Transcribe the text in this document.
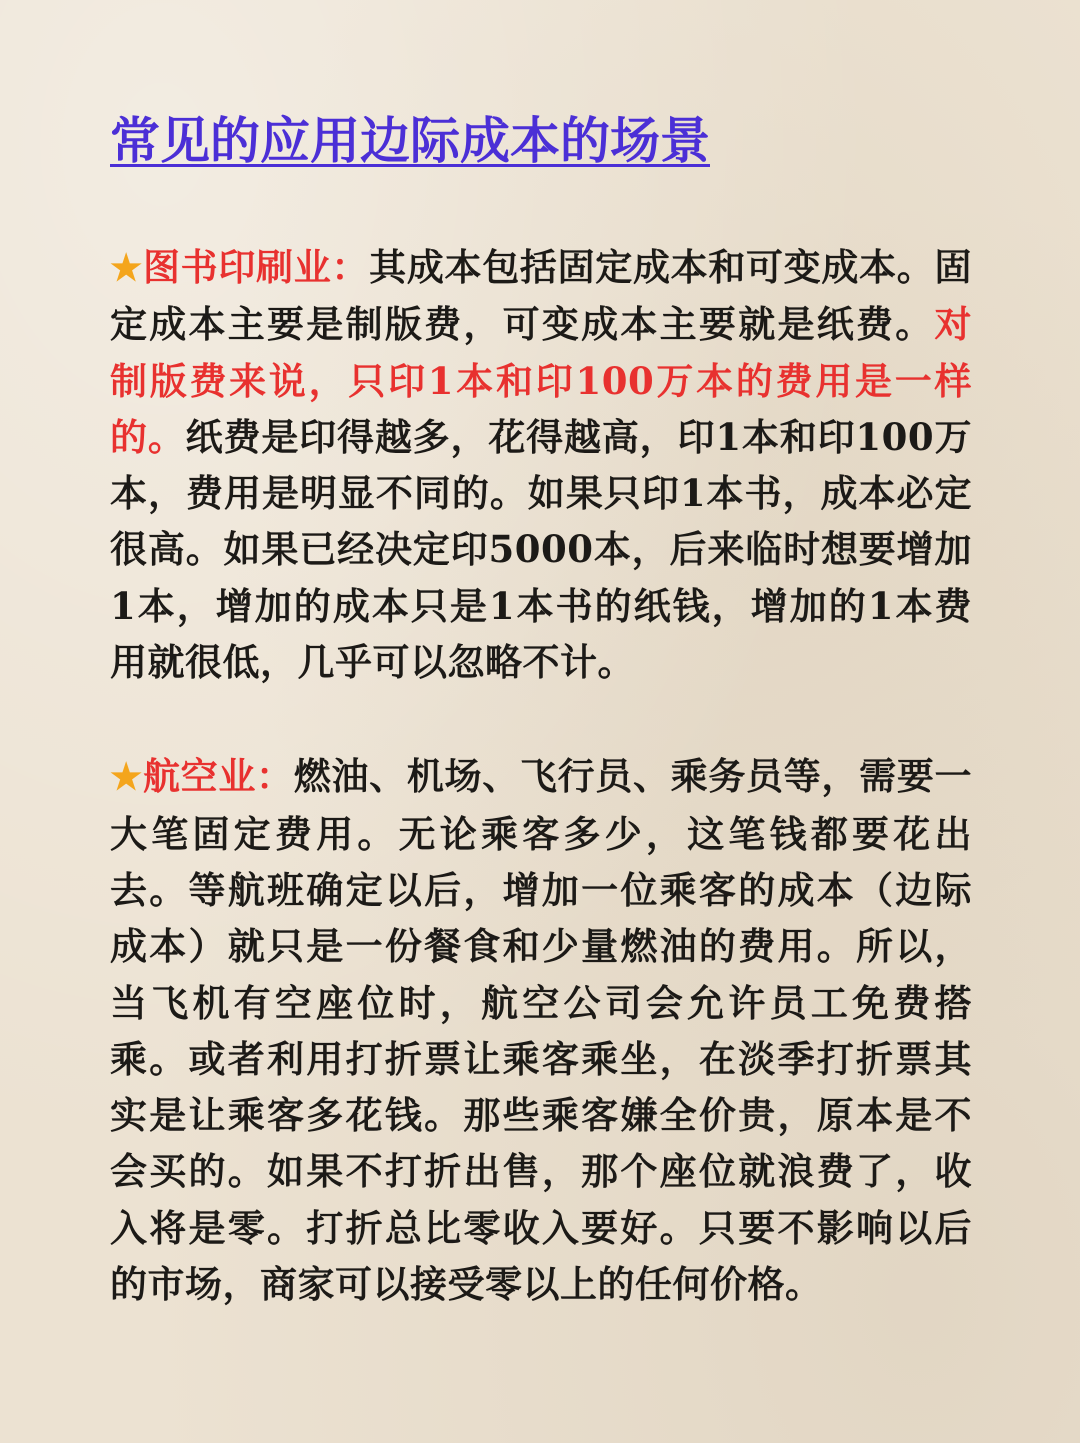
常见的应用边际成本的场景

★图书印刷业：其成本包括固定成本和可变成本。固定成本主要是制版费，可变成本主要就是纸费。对制版费来说，只印1本和印100万本的费用是一样的。纸费是印得越多，花得越高，印1本和印100万本，费用是明显不同的。如果只印1本书，成本必定很高。如果已经决定印5000本，后来临时想要增加1本，增加的成本只是1本书的纸钱，增加的1本费用就很低，几乎可以忽略不计。

★航空业：燃油、机场、飞行员、乘务员等，需要一大笔固定费用。无论乘客多少，这笔钱都要花出去。等航班确定以后，增加一位乘客的成本（边际成本）就只是一份餐食和少量燃油的费用。所以，当飞机有空座位时，航空公司会允许员工免费搭乘。或者利用打折票让乘客乘坐，在淡季打折票其实是让乘客多花钱。那些乘客嫌全价贵，原本是不会买的。如果不打折出售，那个座位就浪费了，收入将是零。打折总比零收入要好。只要不影响以后的市场，商家可以接受零以上的任何价格。
